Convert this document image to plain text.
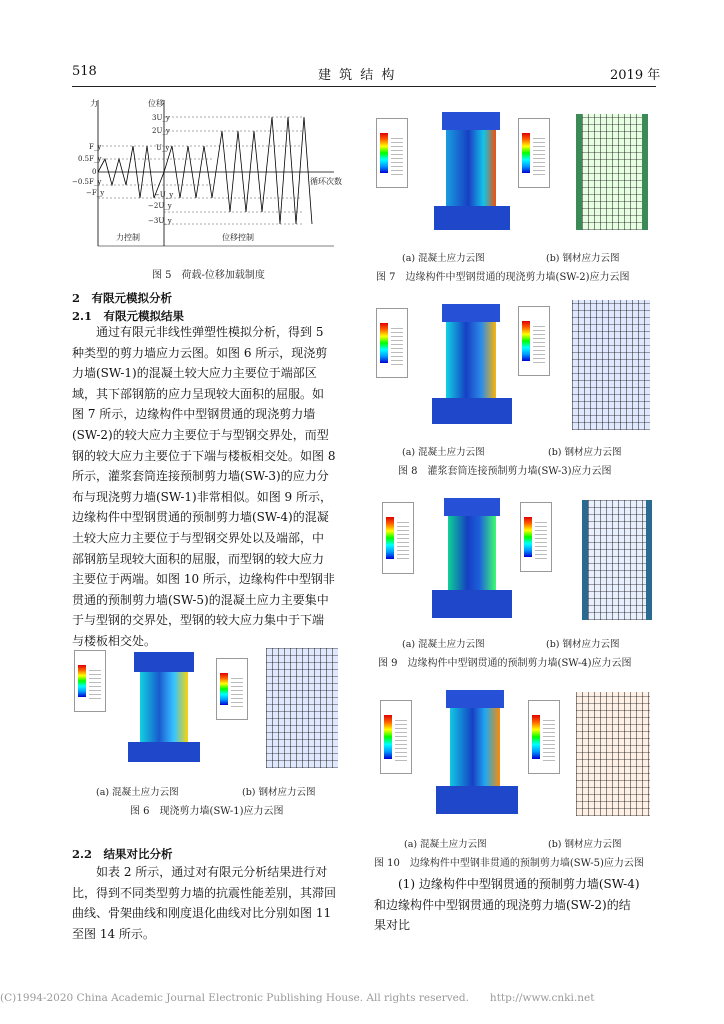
518	建 筑 结 构	2019 年
力	位移
循环次数
F_y
0.5F_y
0
−0.5F_y
−F_y
3U_y
2U_y
U_y
−U_y
−2U_y
−3U_y
力控制	位移控制
图 5　荷载-位移加载制度
2　有限元模拟分析
2.1　有限元模拟结果
　　通过有限元非线性弹塑性模拟分析，得到 5
种类型的剪力墙应力云图。如图 6 所示，现浇剪
力墙(SW-1)的混凝土较大应力主要位于端部区
域，其下部钢筋的应力呈现较大面积的屈服。如
图 7 所示，边缘构件中型钢贯通的现浇剪力墙
(SW-2)的较大应力主要位于与型钢交界处，而型
钢的较大应力主要位于下端与楼板相交处。如图 8
所示，灌浆套筒连接预制剪力墙(SW-3)的应力分
布与现浇剪力墙(SW-1)非常相似。如图 9 所示，
边缘构件中型钢贯通的预制剪力墙(SW-4)的混凝
土较大应力主要位于与型钢交界处以及端部，中
部钢筋呈现较大面积的屈服，而型钢的较大应力
主要位于两端。如图 10 所示，边缘构件中型钢非
贯通的预制剪力墙(SW-5)的混凝土应力主要集中
于与型钢的交界处，型钢的较大应力集中于下端
与楼板相交处。
(a) 混凝土应力云图	(b) 钢材应力云图
图 6　现浇剪力墙(SW-1)应力云图
2.2　结果对比分析
　　如表 2 所示，通过对有限元分析结果进行对
比，得到不同类型剪力墙的抗震性能差别，其滞回
曲线、骨架曲线和刚度退化曲线对比分别如图 11
至图 14 所示。
(a) 混凝土应力云图	(b) 钢材应力云图
图 7　边缘构件中型钢贯通的现浇剪力墙(SW-2)应力云图
(a) 混凝土应力云图	(b) 钢材应力云图
图 8　灌浆套筒连接预制剪力墙(SW-3)应力云图
(a) 混凝土应力云图	(b) 钢材应力云图
图 9　边缘构件中型钢贯通的预制剪力墙(SW-4)应力云图
(a) 混凝土应力云图	(b) 钢材应力云图
图 10　边缘构件中型钢非贯通的预制剪力墙(SW-5)应力云图
　　(1) 边缘构件中型钢贯通的预制剪力墙(SW-4)
和边缘构件中型钢贯通的现浇剪力墙(SW-2)的结
果对比
(C)1994-2020 China Academic Journal Electronic Publishing House. All rights reserved.　　http://www.cnki.net
